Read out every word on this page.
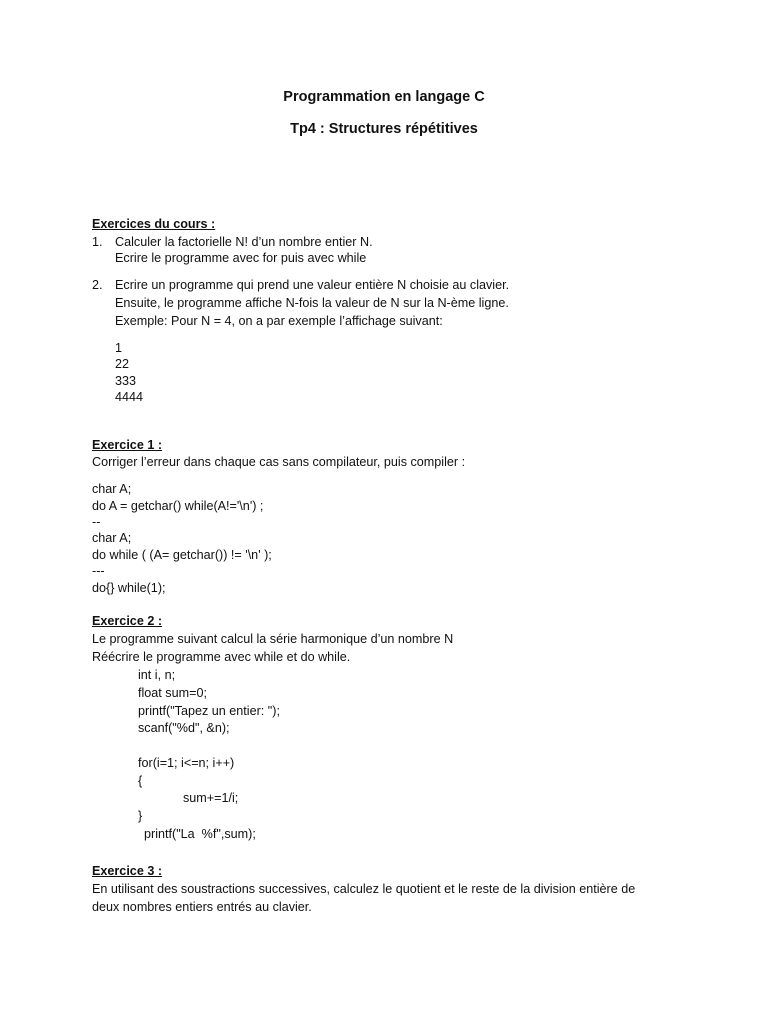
Programmation en langage C
Tp4 : Structures répétitives
Exercices du cours :
1. Calculer la factorielle N! d’un nombre entier N.
Ecrire le programme avec for puis avec while
2. Ecrire un programme qui prend une valeur entière N choisie au clavier.
Ensuite, le programme affiche N-fois la valeur de N sur la N-ème ligne.
Exemple: Pour N = 4, on a par exemple l’affichage suivant:
1
22
333
4444
Exercice 1 :
Corriger l’erreur dans chaque cas sans compilateur, puis compiler :
char A;
do A = getchar() while(A!='\n') ;
--
char A;
do while ( (A= getchar()) != '\n' );
---
do{} while(1);
Exercice 2 :
Le programme suivant calcul la série harmonique d’un nombre N
Réécrire le programme avec while et do while.
int i, n;
float sum=0;
printf("Tapez un entier: ");
scanf("%d", &n);
for(i=1; i<=n; i++)
{
sum+=1/i;
}
printf("La  %f",sum);
Exercice 3 :
En utilisant des soustractions successives, calculez le quotient et le reste de la division entière de
deux nombres entiers entrés au clavier.
